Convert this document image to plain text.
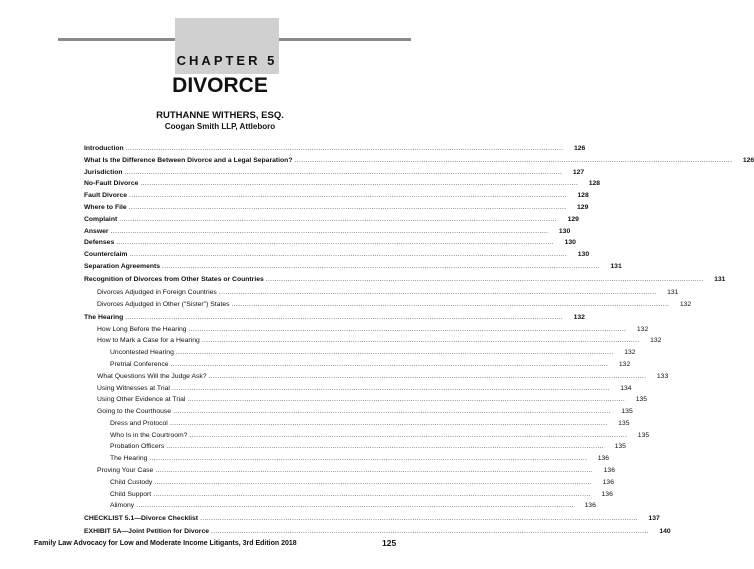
CHAPTER 5
DIVORCE
RUTHANNE WITHERS, ESQ.
Coogan Smith LLP, Attleboro
Introduction ........................................................................................................................................................................................................	126
What Is the Difference Between Divorce and a Legal Separation? ........................................................................................................................................................................................................	126
Jurisdiction ........................................................................................................................................................................................................	127
No-Fault Divorce ........................................................................................................................................................................................................	128
Fault Divorce ........................................................................................................................................................................................................	128
Where to File ........................................................................................................................................................................................................	129
Complaint ........................................................................................................................................................................................................	129
Answer ........................................................................................................................................................................................................	130
Defenses ........................................................................................................................................................................................................	130
Counterclaim ........................................................................................................................................................................................................	130
Separation Agreements ........................................................................................................................................................................................................	131
Recognition of Divorces from Other States or Countries ........................................................................................................................................................................................................	131
Divorces Adjudged in Foreign Countries ........................................................................................................................................................................................................	131
Divorces Adjudged in Other ("Sister") States ........................................................................................................................................................................................................	132
The Hearing ........................................................................................................................................................................................................	132
How Long Before the Hearing ........................................................................................................................................................................................................	132
How to Mark a Case for a Hearing ........................................................................................................................................................................................................	132
Uncontested Hearing ........................................................................................................................................................................................................	132
Pretrial Conference ........................................................................................................................................................................................................	132
What Questions Will the Judge Ask? ........................................................................................................................................................................................................	133
Using Witnesses at Trial ........................................................................................................................................................................................................	134
Using Other Evidence at Trial ........................................................................................................................................................................................................	135
Going to the Courthouse ........................................................................................................................................................................................................	135
Dress and Protocol ........................................................................................................................................................................................................	135
Who Is in the Courtroom? ........................................................................................................................................................................................................	135
Probation Officers ........................................................................................................................................................................................................	135
The Hearing ........................................................................................................................................................................................................	136
Proving Your Case ........................................................................................................................................................................................................	136
Child Custody ........................................................................................................................................................................................................	136
Child Support ........................................................................................................................................................................................................	136
Alimony ........................................................................................................................................................................................................	136
CHECKLIST 5.1—Divorce Checklist ........................................................................................................................................................................................................	137
EXHIBIT 5A—Joint Petition for Divorce ........................................................................................................................................................................................................	140
Family Law Advocacy for Low and Moderate Income Litigants, 3rd Edition 2018	125
